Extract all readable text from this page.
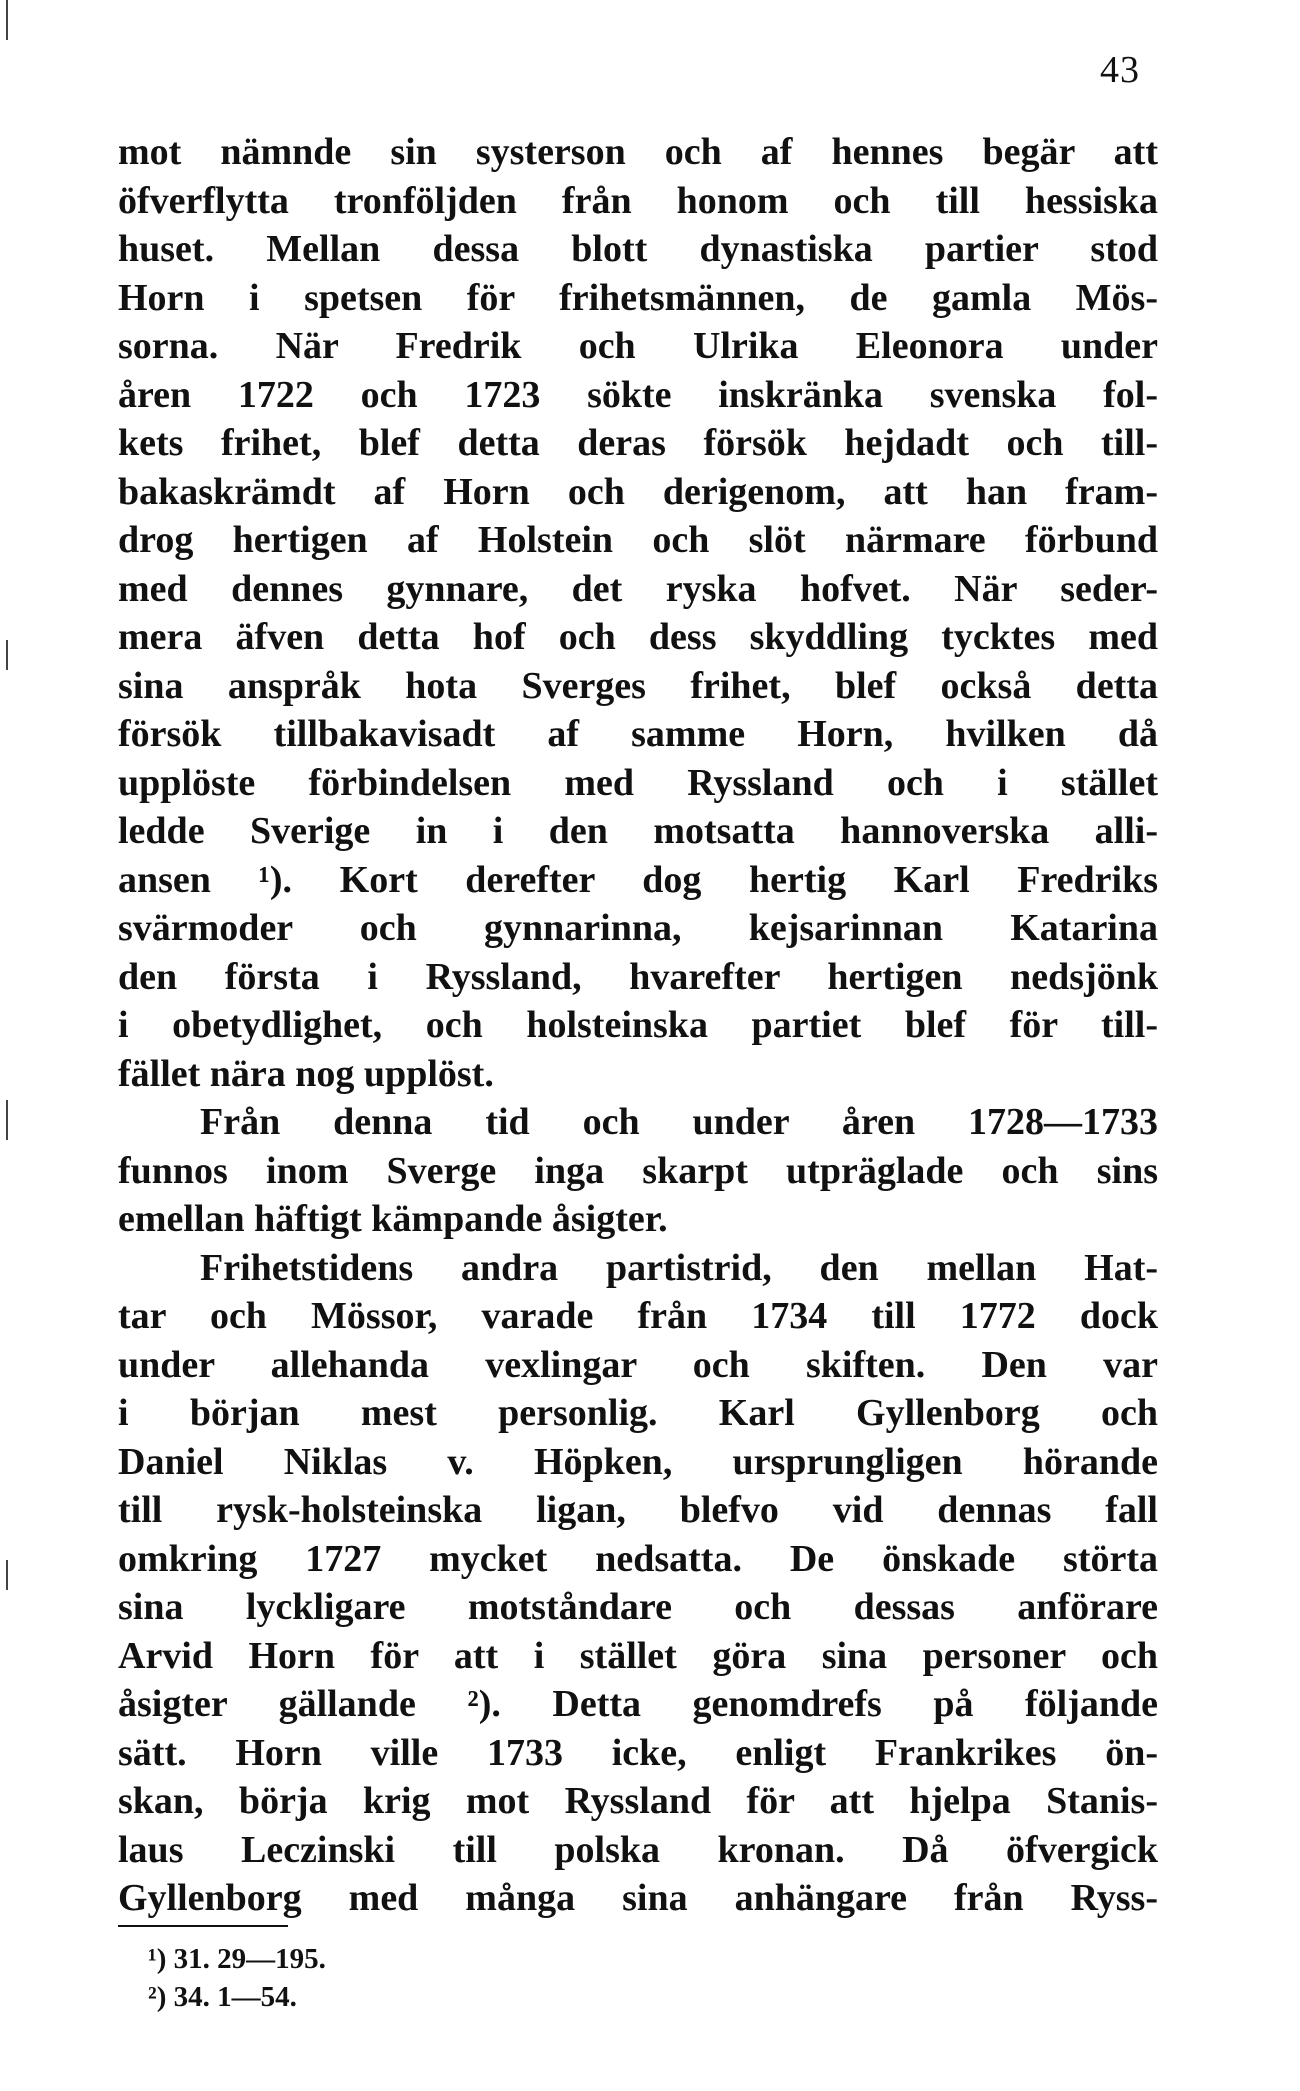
43
mot nämnde sin systerson och af hennes begär att
öfverflytta tronföljden från honom och till hessiska
huset. Mellan dessa blott dynastiska partier stod
Horn i spetsen för frihetsmännen, de gamla Mös-
sorna. När Fredrik och Ulrika Eleonora under
åren 1722 och 1723 sökte inskränka svenska fol-
kets frihet, blef detta deras försök hejdadt och till-
bakaskrämdt af Horn och derigenom, att han fram-
drog hertigen af Holstein och slöt närmare förbund
med dennes gynnare, det ryska hofvet. När seder-
mera äfven detta hof och dess skyddling tycktes med
sina anspråk hota Sverges frihet, blef också detta
försök tillbakavisadt af samme Horn, hvilken då
upplöste förbindelsen med Ryssland och i stället
ledde Sverige in i den motsatta hannoverska alli-
ansen ¹). Kort derefter dog hertig Karl Fredriks
svärmoder och gynnarinna, kejsarinnan Katarina
den första i Ryssland, hvarefter hertigen nedsjönk
i obetydlighet, och holsteinska partiet blef för till-
fället nära nog upplöst.
Från denna tid och under åren 1728—1733
funnos inom Sverge inga skarpt utpräglade och sins
emellan häftigt kämpande åsigter.
Frihetstidens andra partistrid, den mellan Hat-
tar och Mössor, varade från 1734 till 1772 dock
under allehanda vexlingar och skiften. Den var
i början mest personlig. Karl Gyllenborg och
Daniel Niklas v. Höpken, ursprungligen hörande
till rysk-holsteinska ligan, blefvo vid dennas fall
omkring 1727 mycket nedsatta. De önskade störta
sina lyckligare motståndare och dessas anförare
Arvid Horn för att i stället göra sina personer och
åsigter gällande ²). Detta genomdrefs på följande
sätt. Horn ville 1733 icke, enligt Frankrikes ön-
skan, börja krig mot Ryssland för att hjelpa Stanis-
laus Leczinski till polska kronan. Då öfvergick
Gyllenborg med många sina anhängare från Ryss-
¹) 31. 29—195.
²) 34. 1—54.
